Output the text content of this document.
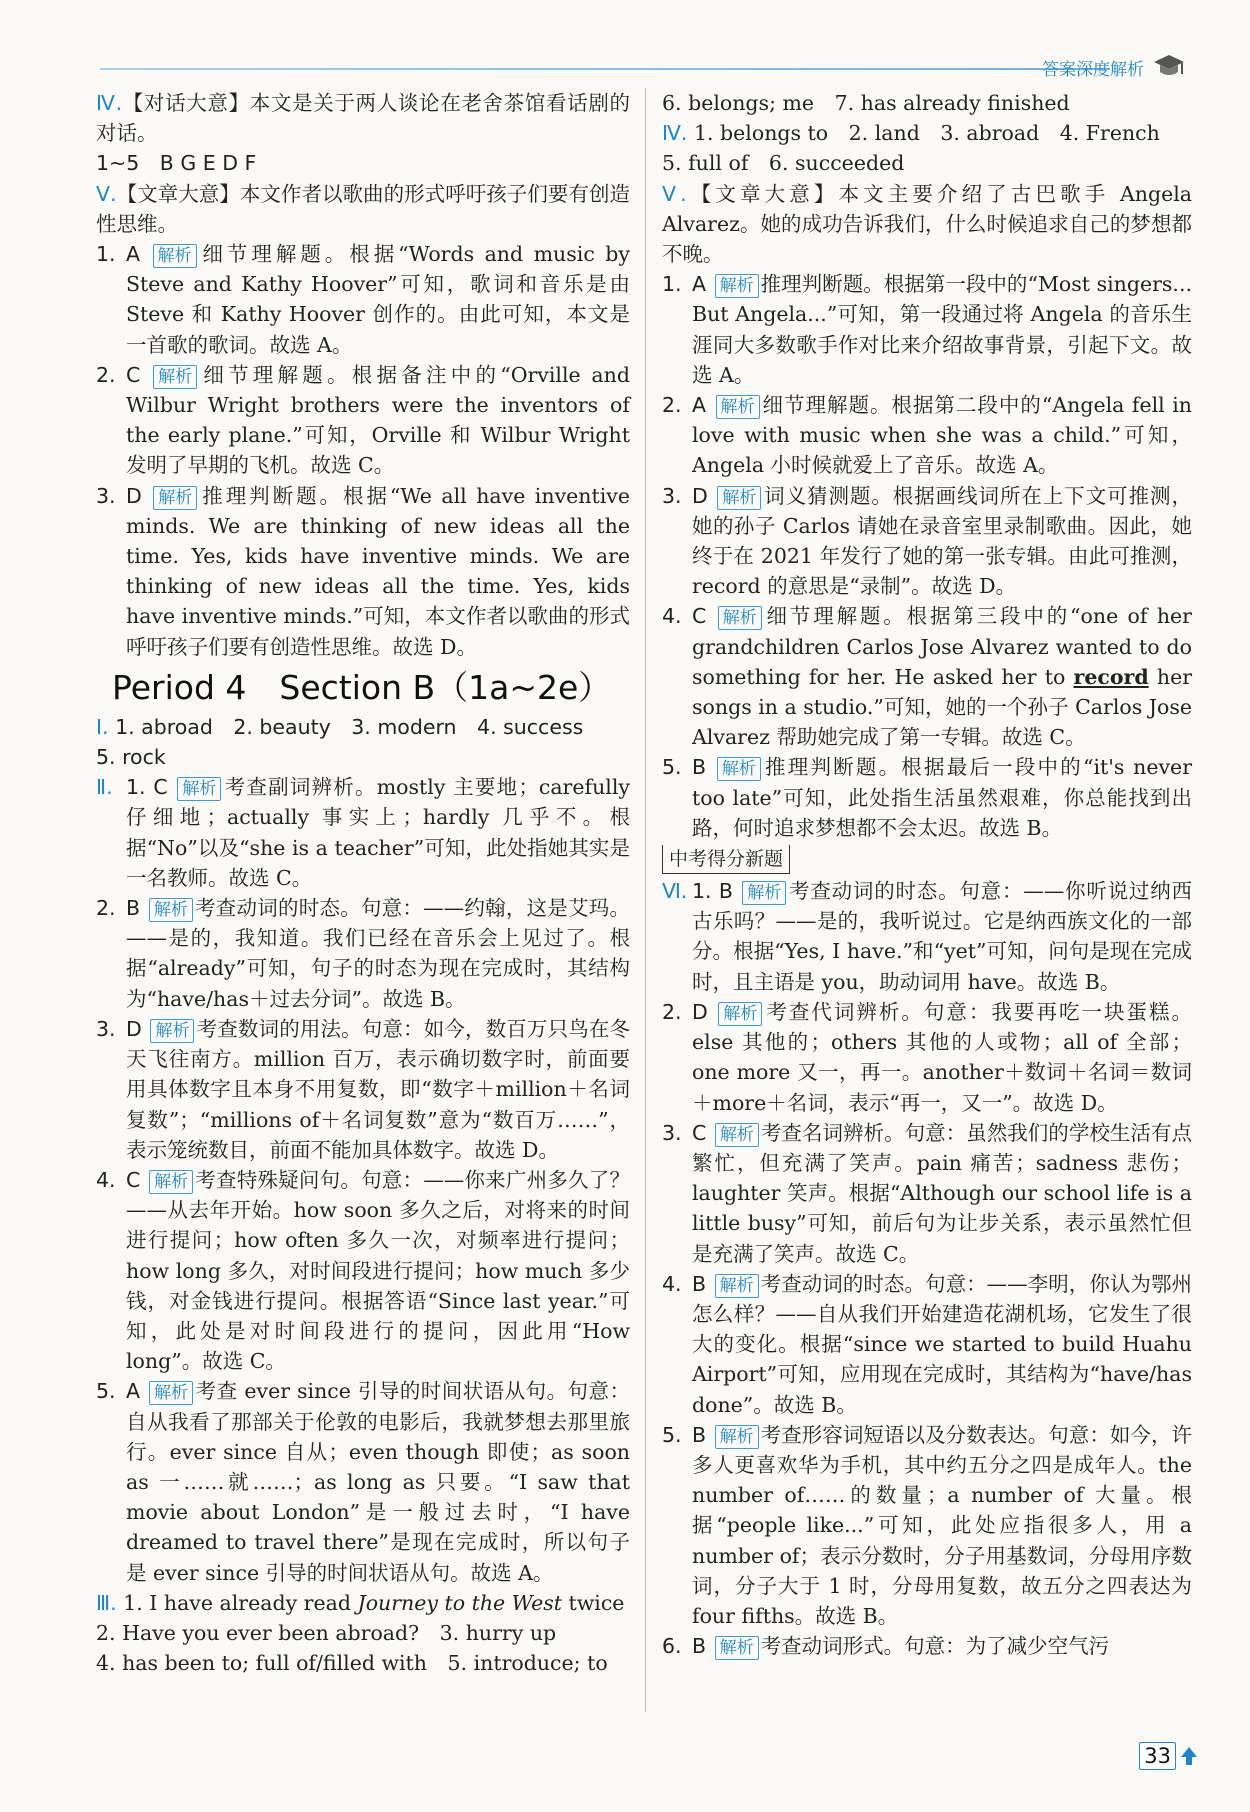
答案深度解析

Ⅳ.【对话大意】本文是关于两人谈论在老舍茶馆看话剧的对话。

1~5　B G E D F

Ⅴ.【文章大意】本文作者以歌曲的形式呼吁孩子们要有创造性思维。

1. A 解析 细节理解题。根据“Words and music by Steve and Kathy Hoover”可知，歌词和音乐是由 Steve 和 Kathy Hoover 创作的。由此可知，本文是一首歌的歌词。故选 A。
2. C 解析 细节理解题。根据备注中的“Orville and Wilbur Wright brothers were the inventors of the early plane.”可知，Orville 和 Wilbur Wright 发明了早期的飞机。故选 C。
3. D 解析 推理判断题。根据“We all have inventive minds. We are thinking of new ideas all the time. Yes, kids have inventive minds. We are thinking of new ideas all the time. Yes, kids have inventive minds.”可知，本文作者以歌曲的形式呼吁孩子们要有创造性思维。故选 D。
Period 4　Section B（1a~2e）

Ⅰ. 1. abroad　2. beauty　3. modern　4. success

5. rock

Ⅱ. 1. C 解析 考查副词辨析。mostly 主要地；carefully 仔细地；actually 事实上；hardly 几乎不。根据“No”以及“she is a teacher”可知，此处指她其实是一名教师。故选 C。
2. B 解析 考查动词的时态。句意：——约翰，这是艾玛。——是的，我知道。我们已经在音乐会上见过了。根据“already”可知，句子的时态为现在完成时，其结构为“have/has＋过去分词”。故选 B。
3. D 解析 考查数词的用法。句意：如今，数百万只鸟在冬天飞往南方。million 百万，表示确切数字时，前面要用具体数字且本身不用复数，即“数字＋million＋名词复数”；“millions of＋名词复数”意为“数百万……”，表示笼统数目，前面不能加具体数字。故选 D。
4. C 解析 考查特殊疑问句。句意：——你来广州多久了？——从去年开始。how soon 多久之后，对将来的时间进行提问；how often 多久一次，对频率进行提问；how long 多久，对时间段进行提问；how much 多少钱，对金钱进行提问。根据答语“Since last year.”可知，此处是对时间段进行的提问，因此用“How long”。故选 C。
5. A 解析 考查 ever since 引导的时间状语从句。句意：自从我看了那部关于伦敦的电影后，我就梦想去那里旅行。ever since 自从；even though 即使；as soon as 一……就……；as long as 只要。“I saw that movie about London”是一般过去时，“I have dreamed to travel there”是现在完成时，所以句子是 ever since 引导的时间状语从句。故选 A。

Ⅲ. 1. I have already read Journey to the West twice

2. Have you ever been abroad?　3. hurry up

4. has been to; full of/filled with　5. introduce; to

6. belongs; me　7. has already finished

Ⅳ. 1. belongs to　2. land　3. abroad　4. French

5. full of　6. succeeded

Ⅴ.【文章大意】本文主要介绍了古巴歌手 Angela Alvarez。她的成功告诉我们，什么时候追求自己的梦想都不晚。

1. A 解析 推理判断题。根据第一段中的“Most singers... But Angela...”可知，第一段通过将 Angela 的音乐生涯同大多数歌手作对比来介绍故事背景，引起下文。故选 A。
2. A 解析 细节理解题。根据第二段中的“Angela fell in love with music when she was a child.”可知，Angela 小时候就爱上了音乐。故选 A。
3. D 解析 词义猜测题。根据画线词所在上下文可推测，她的孙子 Carlos 请她在录音室里录制歌曲。因此，她终于在 2021 年发行了她的第一张专辑。由此可推测，record 的意思是“录制”。故选 D。
4. C 解析 细节理解题。根据第三段中的“one of her grandchildren Carlos Jose Alvarez wanted to do something for her. He asked her to record her songs in a studio.”可知，她的一个孙子 Carlos Jose Alvarez 帮助她完成了第一专辑。故选 C。
5. B 解析 推理判断题。根据最后一段中的“it's never too late”可知，此处指生活虽然艰难，你总能找到出路，何时追求梦想都不会太迟。故选 B。
中考得分新题
Ⅵ. 1. B 解析 考查动词的时态。句意：——你听说过纳西古乐吗？——是的，我听说过。它是纳西族文化的一部分。根据“Yes, I have.”和“yet”可知，问句是现在完成时，且主语是 you，助动词用 have。故选 B。
2. D 解析 考查代词辨析。句意：我要再吃一块蛋糕。else 其他的；others 其他的人或物；all of 全部；one more 又一，再一。another＋数词＋名词＝数词＋more＋名词，表示“再一，又一”。故选 D。
3. C 解析 考查名词辨析。句意：虽然我们的学校生活有点繁忙，但充满了笑声。pain 痛苦；sadness 悲伤；laughter 笑声。根据“Although our school life is a little busy”可知，前后句为让步关系，表示虽然忙但是充满了笑声。故选 C。
4. B 解析 考查动词的时态。句意：——李明，你认为鄂州怎么样？——自从我们开始建造花湖机场，它发生了很大的变化。根据“since we started to build Huahu Airport”可知，应用现在完成时，其结构为“have/has done”。故选 B。
5. B 解析 考查形容词短语以及分数表达。句意：如今，许多人更喜欢华为手机，其中约五分之四是成年人。the number of……的数量；a number of 大量。根据“people like...”可知，此处应指很多人，用 a number of；表示分数时，分子用基数词，分母用序数词，分子大于 1 时，分母用复数，故五分之四表达为 four fifths。故选 B。
6. B 解析 考查动词形式。句意：为了减少空气污
33
